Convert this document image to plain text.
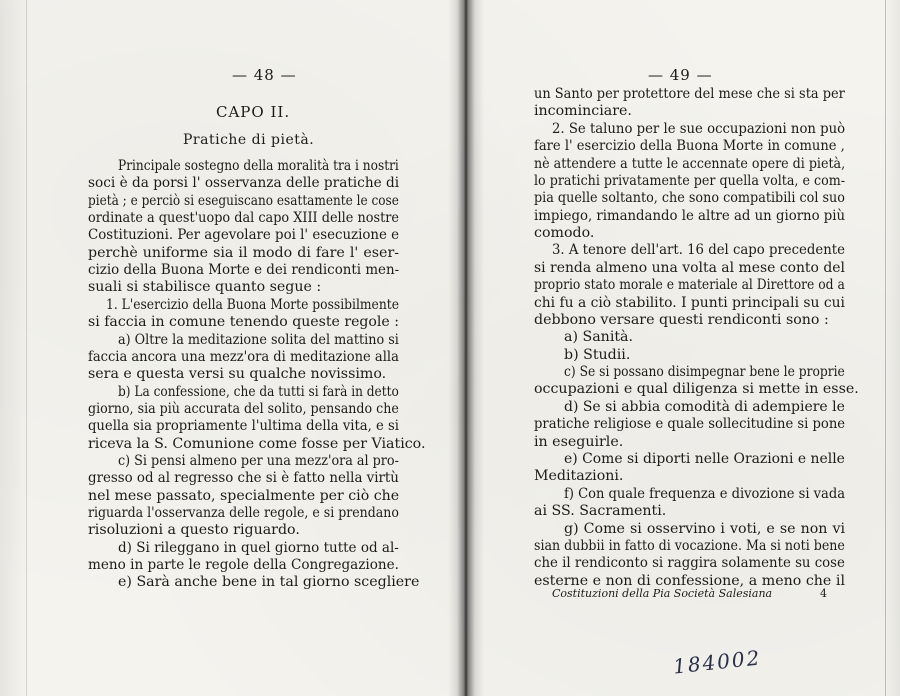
— 48 —
CAPO II.
Pratiche di pietà.
Principale sostegno della moralità tra i nostri
soci è da porsi l' osservanza delle pratiche di
pietà ; e perciò si eseguiscano esattamente le cose
ordinate a quest'uopo dal capo XIII delle nostre
Costituzioni. Per agevolare poi l' esecuzione e
perchè uniforme sia il modo di fare l' eser-
cizio della Buona Morte e dei rendiconti men-
suali si stabilisce quanto segue :
1. L'esercizio della Buona Morte possibilmente
si faccia in comune tenendo queste regole :
a) Oltre la meditazione solita del mattino si
faccia ancora una mezz'ora di meditazione alla
sera e questa versi su qualche novissimo.
b) La confessione, che da tutti si farà in detto
giorno, sia più accurata del solito, pensando che
quella sia propriamente l'ultima della vita, e si
riceva la S. Comunione come fosse per Viatico.
c) Si pensi almeno per una mezz'ora al pro-
gresso od al regresso che si è fatto nella virtù
nel mese passato, specialmente per ciò che
riguarda l'osservanza delle regole, e si prendano
risoluzioni a questo riguardo.
d) Si rileggano in quel giorno tutte od al-
meno in parte le regole della Congregazione.
e) Sarà anche bene in tal giorno scegliere
— 49 —
un Santo per protettore del mese che si sta per
incominciare.
2. Se taluno per le sue occupazioni non può
fare l' esercizio della Buona Morte in comune ,
nè attendere a tutte le accennate opere di pietà,
lo pratichi privatamente per quella volta, e com-
pia quelle soltanto, che sono compatibili col suo
impiego, rimandando le altre ad un giorno più
comodo.
3. A tenore dell'art. 16 del capo precedente
si renda almeno una volta al mese conto del
proprio stato morale e materiale al Direttore od a
chi fu a ciò stabilito. I punti principali su cui
debbono versare questi rendiconti sono :
a) Sanità.
b) Studii.
c) Se si possano disimpegnar bene le proprie
occupazioni e qual diligenza si mette in esse.
d) Se si abbia comodità di adempiere le
pratiche religiose e quale sollecitudine si pone
in eseguirle.
e) Come si diporti nelle Orazioni e nelle
Meditazioni.
f) Con quale frequenza e divozione si vada
ai SS. Sacramenti.
g) Come si osservino i voti, e se non vi
sian dubbii in fatto di vocazione. Ma si noti bene
che il rendiconto si raggira solamente su cose
esterne e non di confessione, a meno che il
Costituzioni della Pia Società Salesiana	4
184002
